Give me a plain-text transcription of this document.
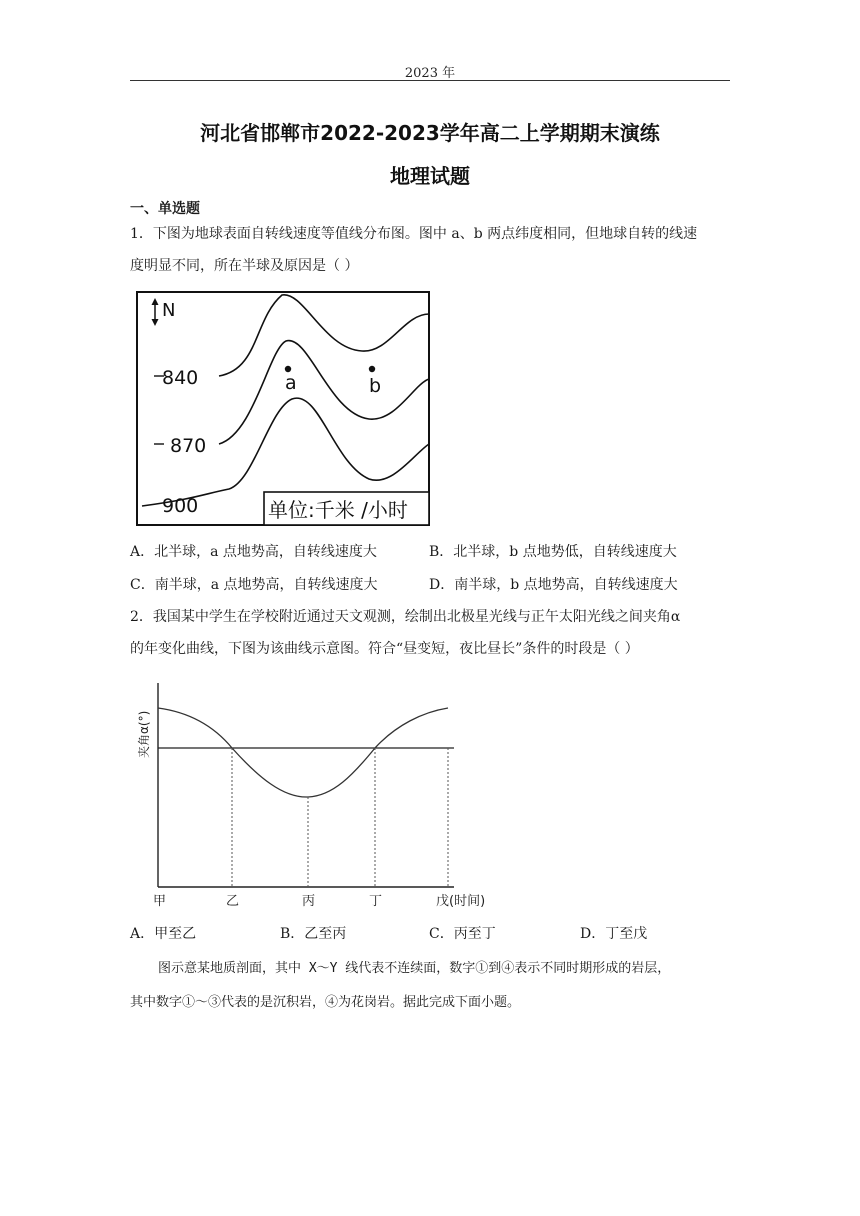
2023 年
河北省邯郸市2022-2023学年高二上学期期末演练
地理试题
一、单选题
1．下图为地球表面自转线速度等值线分布图。图中 a、b 两点纬度相同，但地球自转的线速
度明显不同，所在半球及原因是（ ）
N
840
870
900
a	b
单位:千米 /小时
A．北半球，a 点地势高，自转线速度大	B．北半球，b 点地势低，自转线速度大
C．南半球，a 点地势高，自转线速度大	D．南半球，b 点地势高，自转线速度大
2．我国某中学生在学校附近通过天文观测，绘制出北极星光线与正午太阳光线之间夹角α
的年变化曲线，下图为该曲线示意图。符合“昼变短，夜比昼长”条件的时段是（ ）
夹角α(°)
甲	乙	丙	丁	戊(时间)
A．甲至乙	B．乙至丙	C．丙至丁	D．丁至戊
图示意某地质剖面，其中 X～Y 线代表不连续面，数字①到④表示不同时期形成的岩层，
其中数字①～③代表的是沉积岩，④为花岗岩。据此完成下面小题。
